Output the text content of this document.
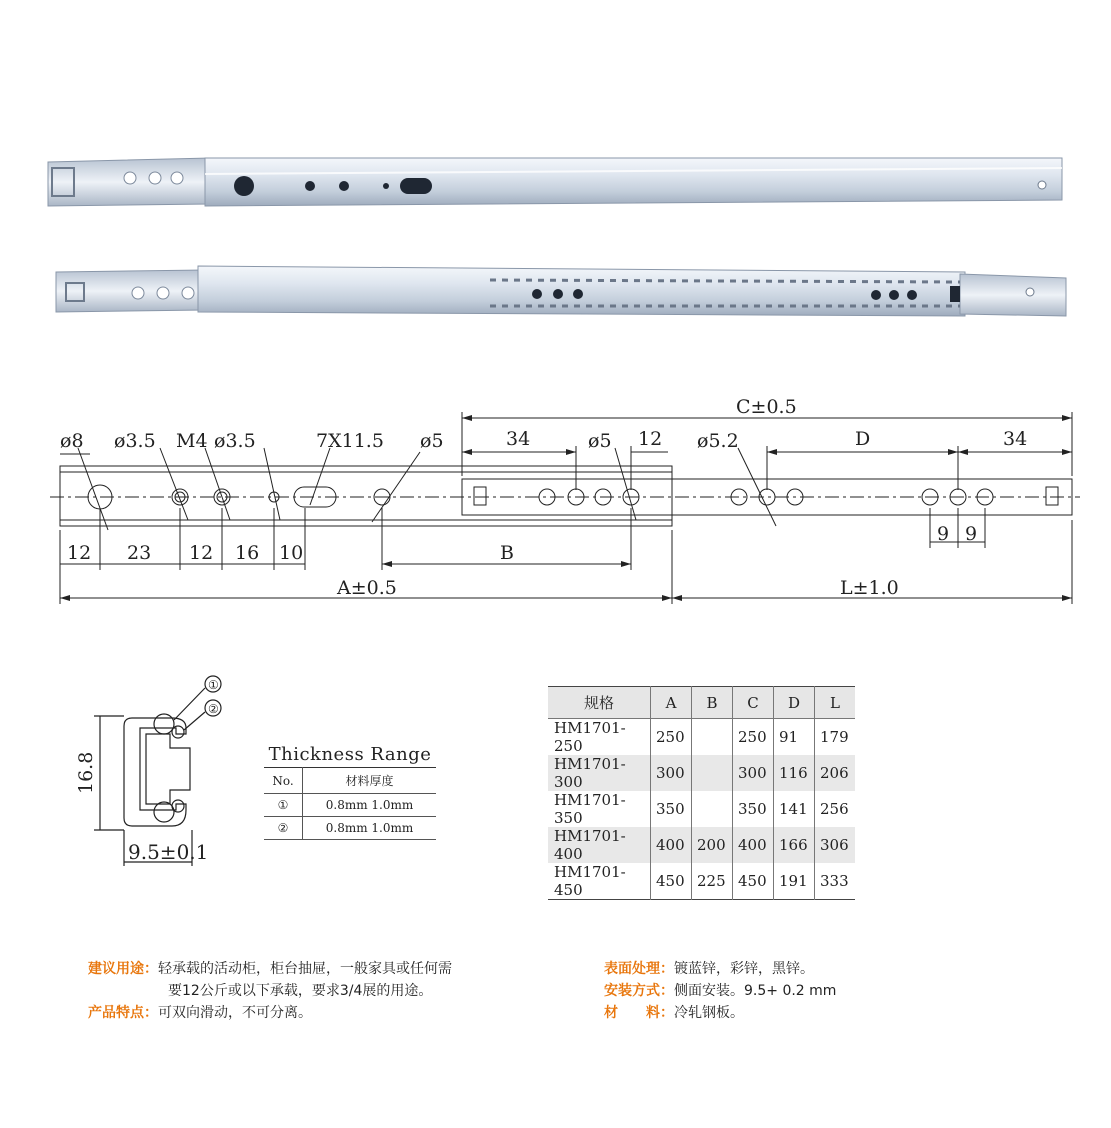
ø8 ø3.5 M4 ø3.5	7X11.5 ø5	34	ø5 12 ø5.2	D	34
C±0.5
12 23 12 16 10	B
9 9
A±0.5	L±1.0
16.8
9.5±0.1
①
②
Thickness Range
No.	材料厚度
①	0.8mm 1.0mm
②	0.8mm 1.0mm
规格	A	B	C	D	L
HM1701-250	250		250	91	179
HM1701-300	300		300	116	206
HM1701-350	350		350	141	256
HM1701-400	400	200	400	166	306
HM1701-450	450	225	450	191	333
建议用途：轻承载的活动柜，柜台抽屉，一般家具或任何需
要12公斤或以下承载，要求3/4展的用途。
产品特点：可双向滑动，不可分离。
表面处理：镀蓝锌，彩锌，黑锌。
安装方式：侧面安装。9.5+ 0.2 mm
材　　料：冷轧钢板。
